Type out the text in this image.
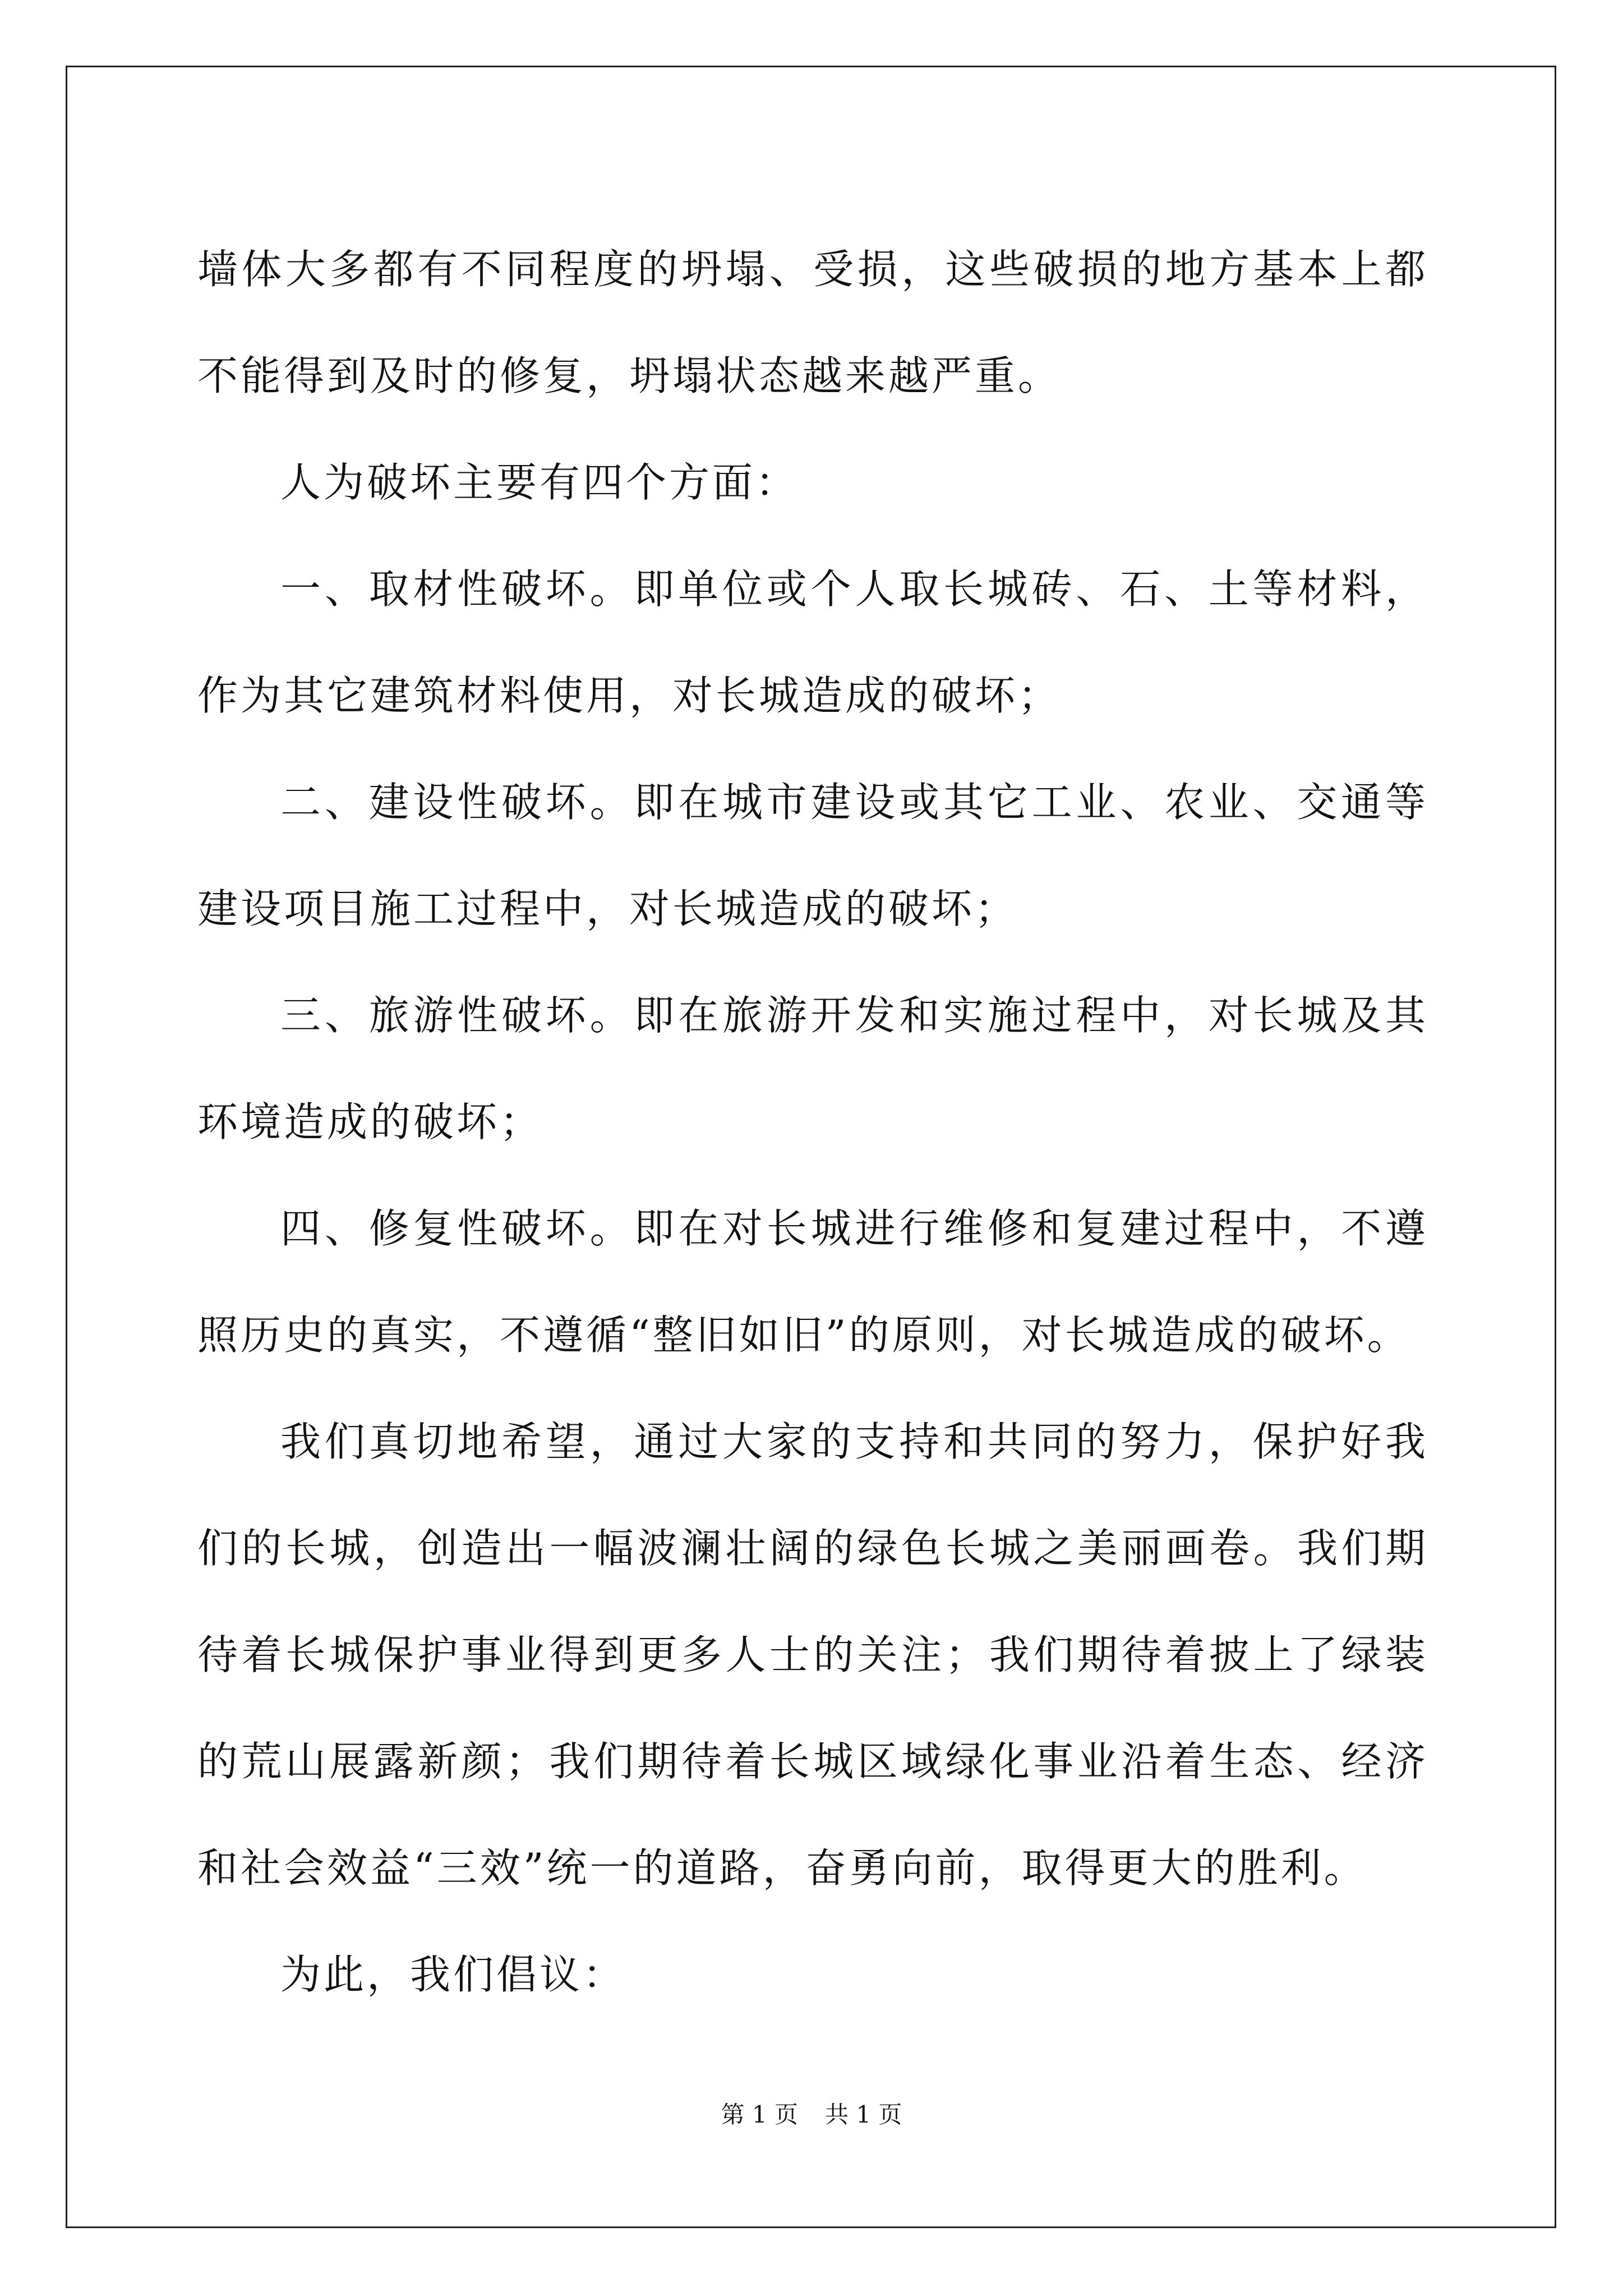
墙体大多都有不同程度的坍塌、受损，这些破损的地方基本上都不能得到及时的修复，坍塌状态越来越严重。

人为破坏主要有四个方面：

一、取材性破坏。即单位或个人取长城砖、石、土等材料，作为其它建筑材料使用，对长城造成的破坏；

二、建设性破坏。即在城市建设或其它工业、农业、交通等建设项目施工过程中，对长城造成的破坏；

三、旅游性破坏。即在旅游开发和实施过程中，对长城及其环境造成的破坏；

四、修复性破坏。即在对长城进行维修和复建过程中，不遵照历史的真实，不遵循“整旧如旧”的原则，对长城造成的破坏。

我们真切地希望，通过大家的支持和共同的努力，保护好我们的长城，创造出一幅波澜壮阔的绿色长城之美丽画卷。我们期待着长城保护事业得到更多人士的关注；我们期待着披上了绿装的荒山展露新颜；我们期待着长城区域绿化事业沿着生态、经济和社会效益“三效”统一的道路，奋勇向前，取得更大的胜利。

为此，我们倡议：

第 1 页 共 1 页
